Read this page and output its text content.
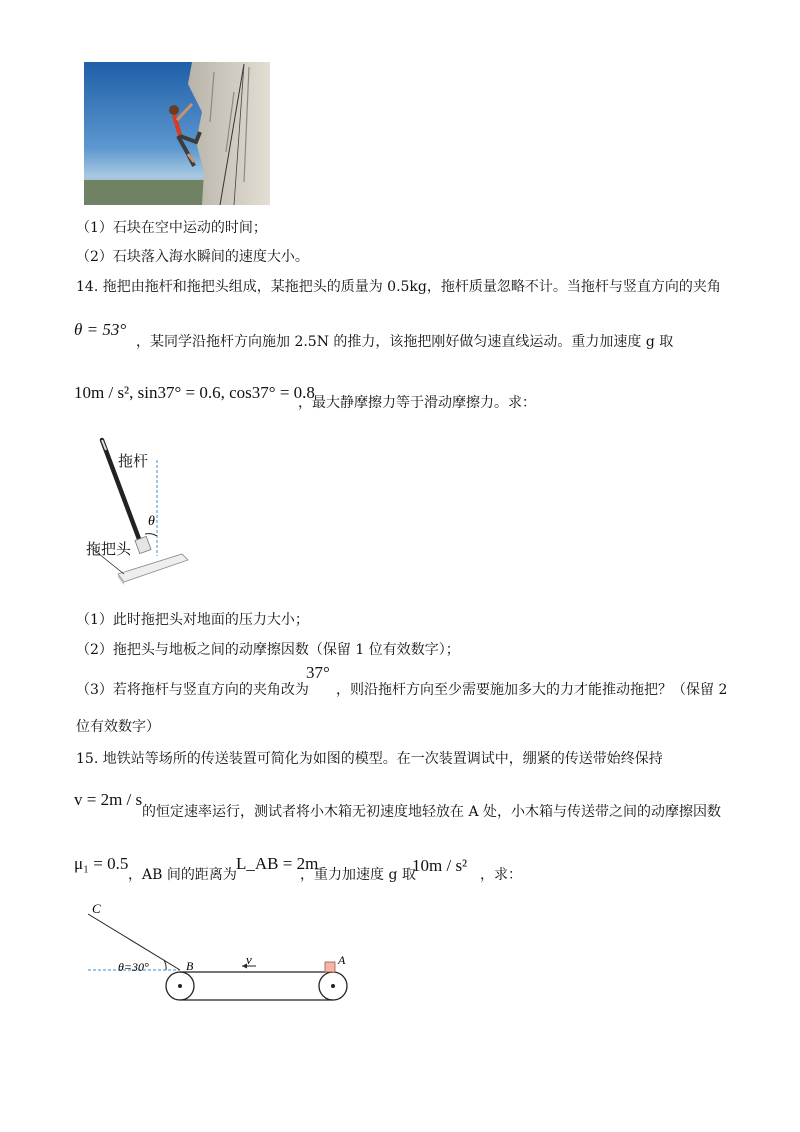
（1）石块在空中运动的时间；
（2）石块落入海水瞬间的速度大小。
14. 拖把由拖杆和拖把头组成，某拖把头的质量为 0.5kg，拖杆质量忽略不计。当拖杆与竖直方向的夹角
θ = 53°
，某同学沿拖杆方向施加 2.5N 的推力，该拖把刚好做匀速直线运动。重力加速度 g 取
10m / s², sin37° = 0.6, cos37° = 0.8
，最大静摩擦力等于滑动摩擦力。求：
θ
拖杆
拖把头
（1）此时拖把头对地面的压力大小；
（2）拖把头与地板之间的动摩擦因数（保留 1 位有效数字）；
（3）若将拖杆与竖直方向的夹角改为
37°
，则沿拖杆方向至少需要施加多大的力才能推动拖把？（保留 2
位有效数字）
15. 地铁站等场所的传送装置可简化为如图的模型。在一次装置调试中，绷紧的传送带始终保持
v = 2m / s
的恒定速率运行，测试者将小木箱无初速度地轻放在 A 处，小木箱与传送带之间的动摩擦因数
μ₁ = 0.5
，AB 间的距离为
L_AB = 2m
，重力加速度 g 取
10m / s² ，求：
C
B	A
v
θ=30°
